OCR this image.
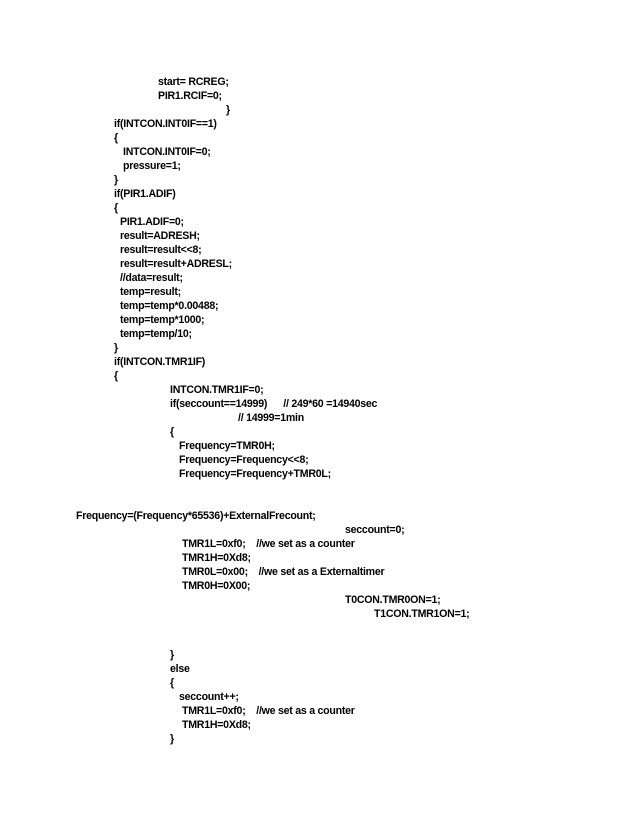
start= RCREG;
PIR1.RCIF=0;
}
if(INTCON.INT0IF==1)
{
INTCON.INT0IF=0;
pressure=1;
}
if(PIR1.ADIF)
{
PIR1.ADIF=0;
result=ADRESH;
result=result<<8;
result=result+ADRESL;
//data=result;
temp=result;
temp=temp*0.00488;
temp=temp*1000;
temp=temp/10;
}
if(INTCON.TMR1IF)
{
INTCON.TMR1IF=0;
if(seccount==14999)      // 249*60 =14940sec
// 14999=1min
{
Frequency=TMR0H;
Frequency=Frequency<<8;
Frequency=Frequency+TMR0L;
Frequency=(Frequency*65536)+ExternalFrecount;
seccount=0;
TMR1L=0xf0;    //we set as a counter
TMR1H=0Xd8;
TMR0L=0x00;    //we set as a Externaltimer
TMR0H=0X00;
T0CON.TMR0ON=1;
T1CON.TMR1ON=1;
}
else
{
seccount++;
TMR1L=0xf0;    //we set as a counter
TMR1H=0Xd8;
}
